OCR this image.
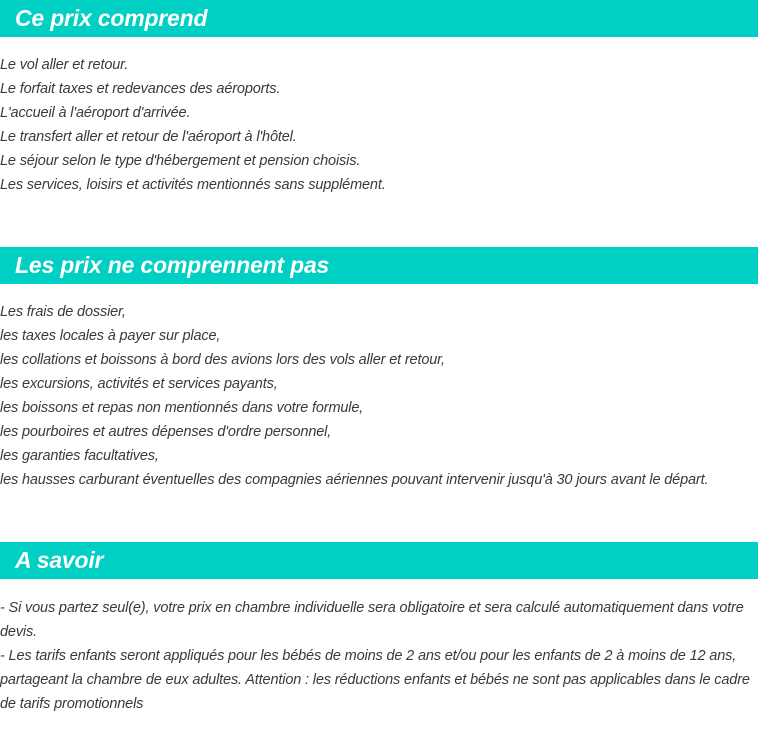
Ce prix comprend
Le vol aller et retour.
Le forfait taxes et redevances des aéroports.
L'accueil à l'aéroport d'arrivée.
Le transfert aller et retour de l'aéroport à l'hôtel.
Le séjour selon le type d'hébergement et pension choisis.
Les services, loisirs et activités mentionnés sans supplément.
Les prix ne comprennent pas
Les frais de dossier,
les taxes locales à payer sur place,
les collations et boissons à bord des avions lors des vols aller et retour,
les excursions, activités et services payants,
les boissons et repas non mentionnés dans votre formule,
les pourboires et autres dépenses d'ordre personnel,
les garanties facultatives,
les hausses carburant éventuelles des compagnies aériennes pouvant intervenir jusqu'à 30 jours avant le départ.
A savoir

- Si vous partez seul(e), votre prix en chambre individuelle sera obligatoire et sera calculé automatiquement dans votre devis.

- Les tarifs enfants seront appliqués pour les bébés de moins de 2 ans et/ou pour les enfants de 2 à moins de 12 ans, partageant la chambre de eux adultes. Attention : les réductions enfants et bébés ne sont pas applicables dans le cadre de tarifs promotionnels
